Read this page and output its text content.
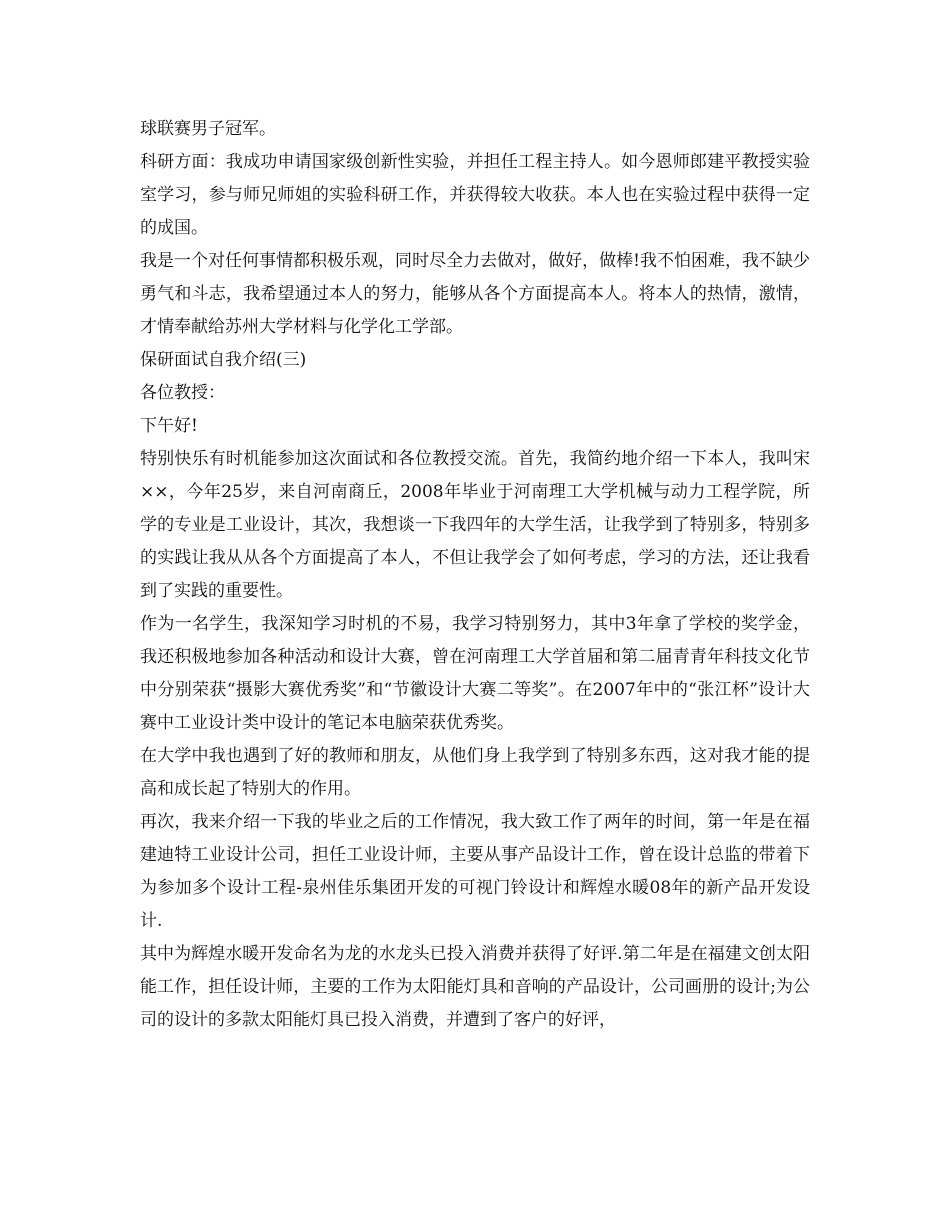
球联赛男子冠军。

科研方面：我成功申请国家级创新性实验，并担任工程主持人。如今恩师郎建平教授实验室学习，参与师兄师姐的实验科研工作，并获得较大收获。本人也在实验过程中获得一定的成国。

我是一个对任何事情都积极乐观，同时尽全力去做对，做好，做棒!我不怕困难，我不缺少勇气和斗志，我希望通过本人的努力，能够从各个方面提高本人。将本人的热情，激情，才情奉献给苏州大学材料与化学化工学部。

保研面试自我介绍(三)

各位教授：

下午好!

特别快乐有时机能参加这次面试和各位教授交流。首先，我简约地介绍一下本人，我叫宋××，今年25岁，来自河南商丘，2008年毕业于河南理工大学机械与动力工程学院，所学的专业是工业设计，其次，我想谈一下我四年的大学生活，让我学到了特别多，特别多的实践让我从从各个方面提高了本人，不但让我学会了如何考虑，学习的方法，还让我看到了实践的重要性。

作为一名学生，我深知学习时机的不易，我学习特别努力，其中3年拿了学校的奖学金，我还积极地参加各种活动和设计大赛，曾在河南理工大学首届和第二届青青年科技文化节中分别荣获“摄影大赛优秀奖”和“节徽设计大赛二等奖”。在2007年中的“张江杯”设计大赛中工业设计类中设计的笔记本电脑荣获优秀奖。

在大学中我也遇到了好的教师和朋友，从他们身上我学到了特别多东西，这对我才能的提高和成长起了特别大的作用。

再次，我来介绍一下我的毕业之后的工作情况，我大致工作了两年的时间，第一年是在福建迪特工业设计公司，担任工业设计师，主要从事产品设计工作，曾在设计总监的带着下为参加多个设计工程-泉州佳乐集团开发的可视门铃设计和辉煌水暖08年的新产品开发设计.

其中为辉煌水暖开发命名为龙的水龙头已投入消费并获得了好评.第二年是在福建文创太阳能工作，担任设计师，主要的工作为太阳能灯具和音响的产品设计，公司画册的设计;为公司的设计的多款太阳能灯具已投入消费，并遭到了客户的好评，
